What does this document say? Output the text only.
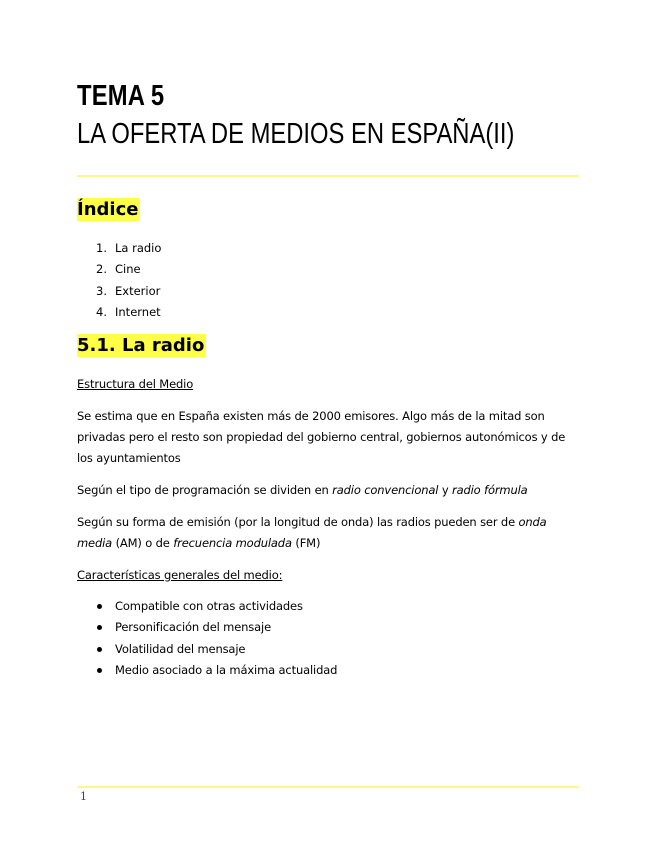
TEMA 5
LA OFERTA DE MEDIOS EN ESPAÑA(II)
Índice
1. La radio
2. Cine
3. Exterior
4. Internet
5.1. La radio
Estructura del Medio
Se estima que en España existen más de 2000 emisores. Algo más de la mitad son privadas pero el resto son propiedad del gobierno central, gobiernos autonómicos y de los ayuntamientos
Según el tipo de programación se dividen en radio convencional y radio fórmula
Según su forma de emisión (por la longitud de onda) las radios pueden ser de onda media (AM) o de frecuencia modulada (FM)
Características generales del medio:
Compatible con otras actividades
Personificación del mensaje
Volatilidad del mensaje
Medio asociado a la máxima actualidad
1
